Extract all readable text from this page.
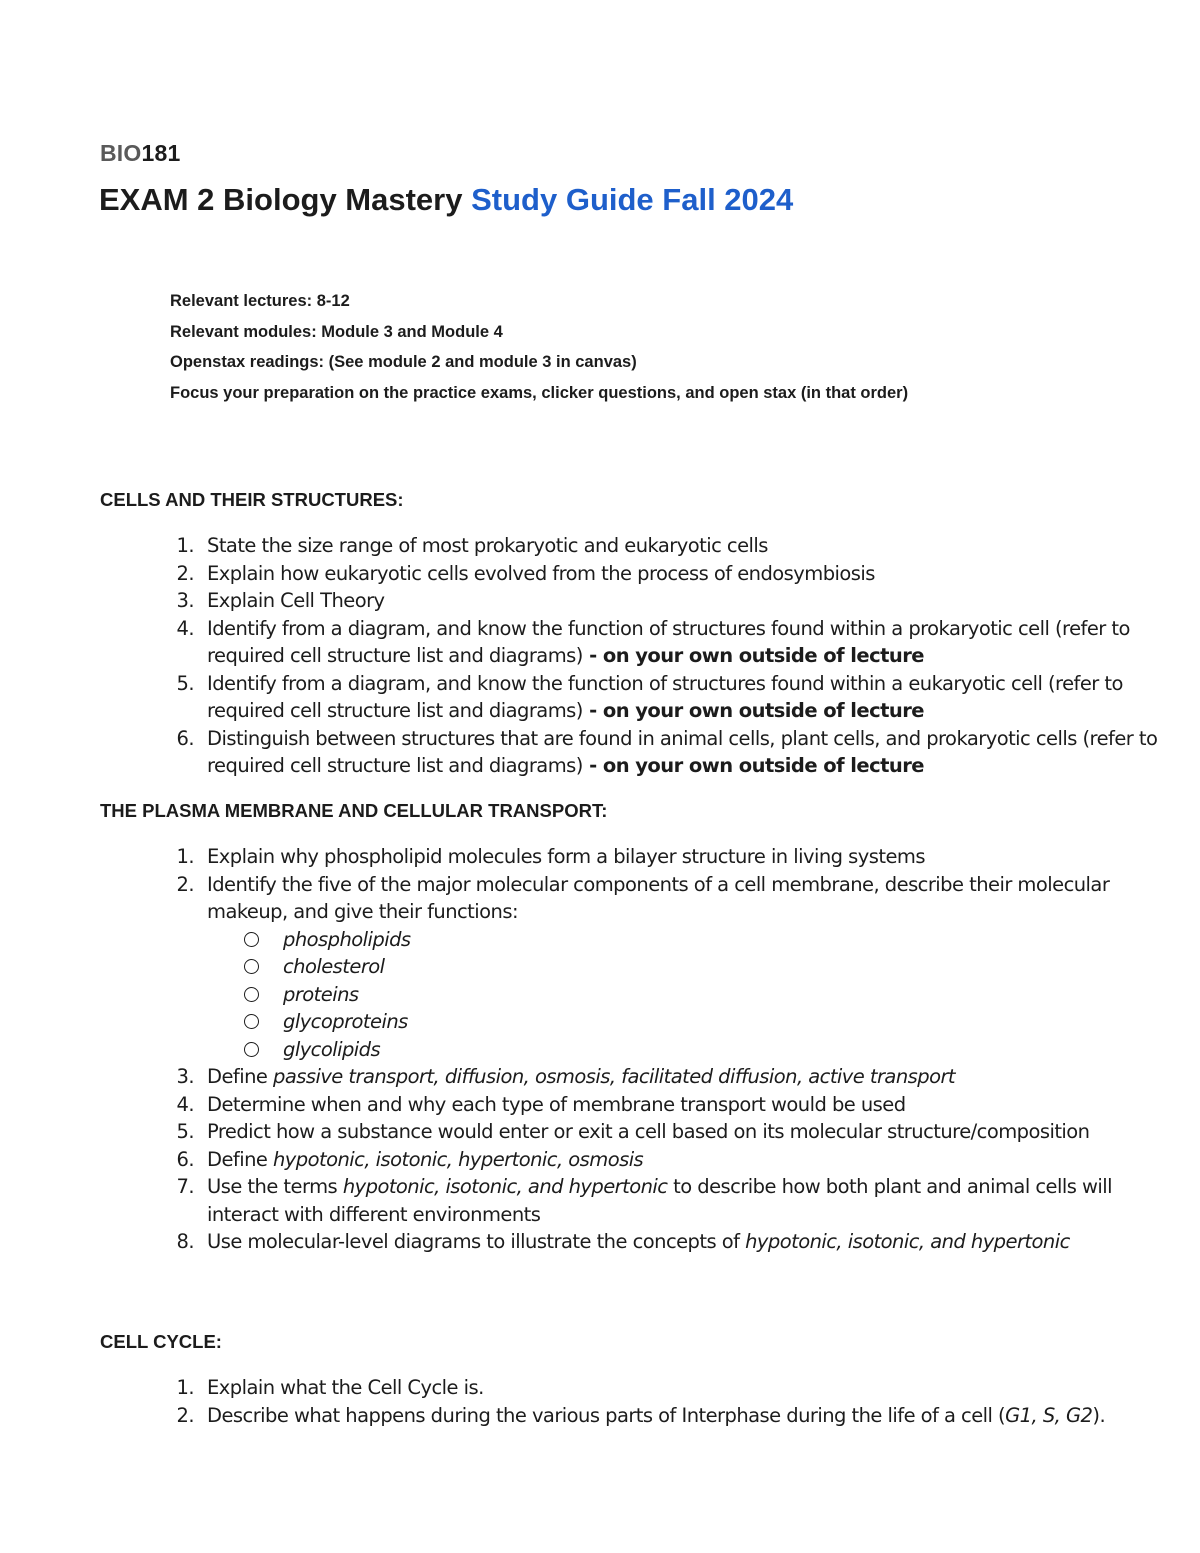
BIO181
EXAM 2 Biology Mastery Study Guide Fall 2024
Relevant lectures: 8-12
Relevant modules: Module 3 and Module 4
Openstax readings: (See module 2 and module 3 in canvas)
Focus your preparation on the practice exams, clicker questions, and open stax (in that order)
CELLS AND THEIR STRUCTURES:
1. State the size range of most prokaryotic and eukaryotic cells
2. Explain how eukaryotic cells evolved from the process of endosymbiosis
3. Explain Cell Theory
4. Identify from a diagram, and know the function of structures found within a prokaryotic cell (refer to required cell structure list and diagrams) - on your own outside of lecture
5. Identify from a diagram, and know the function of structures found within a eukaryotic cell (refer to required cell structure list and diagrams) - on your own outside of lecture
6. Distinguish between structures that are found in animal cells, plant cells, and prokaryotic cells (refer to required cell structure list and diagrams) - on your own outside of lecture
THE PLASMA MEMBRANE AND CELLULAR TRANSPORT:
1. Explain why phospholipid molecules form a bilayer structure in living systems
2. Identify the five of the major molecular components of a cell membrane, describe their molecular makeup, and give their functions:
phospholipids
cholesterol
proteins
glycoproteins
glycolipids
3. Define passive transport, diffusion, osmosis, facilitated diffusion, active transport
4. Determine when and why each type of membrane transport would be used
5. Predict how a substance would enter or exit a cell based on its molecular structure/composition
6. Define hypotonic, isotonic, hypertonic, osmosis
7. Use the terms hypotonic, isotonic, and hypertonic to describe how both plant and animal cells will interact with different environments
8. Use molecular-level diagrams to illustrate the concepts of hypotonic, isotonic, and hypertonic
CELL CYCLE:
1. Explain what the Cell Cycle is.
2. Describe what happens during the various parts of Interphase during the life of a cell (G1, S, G2).
